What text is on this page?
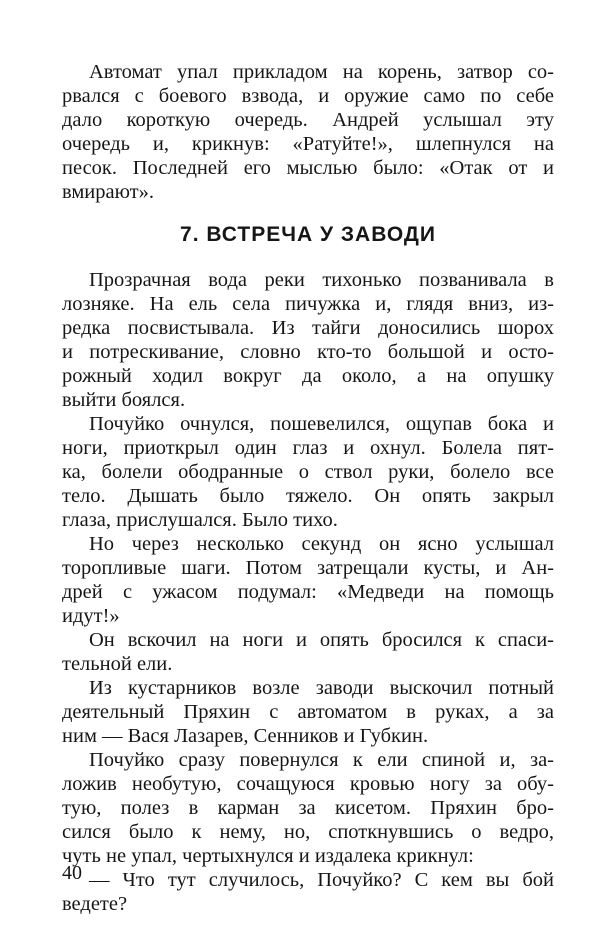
Автомат упал прикладом на корень, затвор со-
рвался с боевого взвода, и оружие само по себе
дало короткую очередь. Андрей услышал эту
очередь и, крикнув: «Ратуйте!», шлепнулся на
песок. Последней его мыслью было: «Отак от и
вмирают».
7. ВСТРЕЧА У ЗАВОДИ
Прозрачная вода реки тихонько позванивала в
лозняке. На ель села пичужка и, глядя вниз, из-
редка посвистывала. Из тайги доносились шорох
и потрескивание, словно кто-то большой и осто-
рожный ходил вокруг да около, а на опушку
выйти боялся.
Почуйко очнулся, пошевелился, ощупав бока и
ноги, приоткрыл один глаз и охнул. Болела пят-
ка, болели ободранные о ствол руки, болело все
тело. Дышать было тяжело. Он опять закрыл
глаза, прислушался. Было тихо.
Но через несколько секунд он ясно услышал
торопливые шаги. Потом затрещали кусты, и Ан-
дрей с ужасом подумал: «Медведи на помощь
идут!»
Он вскочил на ноги и опять бросился к спаси-
тельной ели.
Из кустарников возле заводи выскочил потный
деятельный Пряхин с автоматом в руках, а за
ним — Вася Лазарев, Сенников и Губкин.
Почуйко сразу повернулся к ели спиной и, за-
ложив необутую, сочащуюся кровью ногу за обу-
тую, полез в карман за кисетом. Пряхин бро-
сился было к нему, но, споткнувшись о ведро,
чуть не упал, чертыхнулся и издалека крикнул:
— Что тут случилось, Почуйко? С кем вы бой
ведете?
40
